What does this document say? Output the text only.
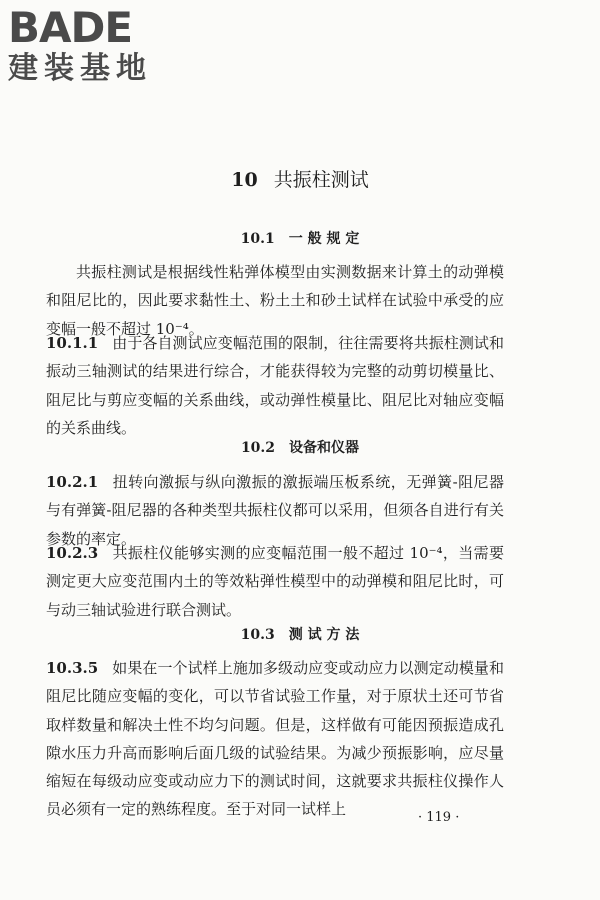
BADE
建装基地
10 共振柱测试
10.1 一 般 规 定

共振柱测试是根据线性粘弹体模型由实测数据来计算土的动弹模和阻尼比的，因此要求黏性土、粉土土和砂土试样在试验中承受的应变幅一般不超过 10⁻⁴。

10.1.1 由于各自测试应变幅范围的限制，往往需要将共振柱测试和振动三轴测试的结果进行综合，才能获得较为完整的动剪切模量比、阻尼比与剪应变幅的关系曲线，或动弹性模量比、阻尼比对轴应变幅的关系曲线。

10.2 设备和仪器

10.2.1 扭转向激振与纵向激振的激振端压板系统，无弹簧-阻尼器与有弹簧-阻尼器的各种类型共振柱仪都可以采用，但须各自进行有关参数的率定。

10.2.3 共振柱仪能够实测的应变幅范围一般不超过 10⁻⁴，当需要测定更大应变范围内土的等效粘弹性模型中的动弹模和阻尼比时，可与动三轴试验进行联合测试。

10.3 测 试 方 法

10.3.5 如果在一个试样上施加多级动应变或动应力以测定动模量和阻尼比随应变幅的变化，可以节省试验工作量，对于原状土还可节省取样数量和解决土性不均匀问题。但是，这样做有可能因预振造成孔隙水压力升高而影响后面几级的试验结果。为减少预振影响，应尽量缩短在每级动应变或动应力下的测试时间，这就要求共振柱仪操作人员必须有一定的熟练程度。至于对同一试样上	· 119 ·
